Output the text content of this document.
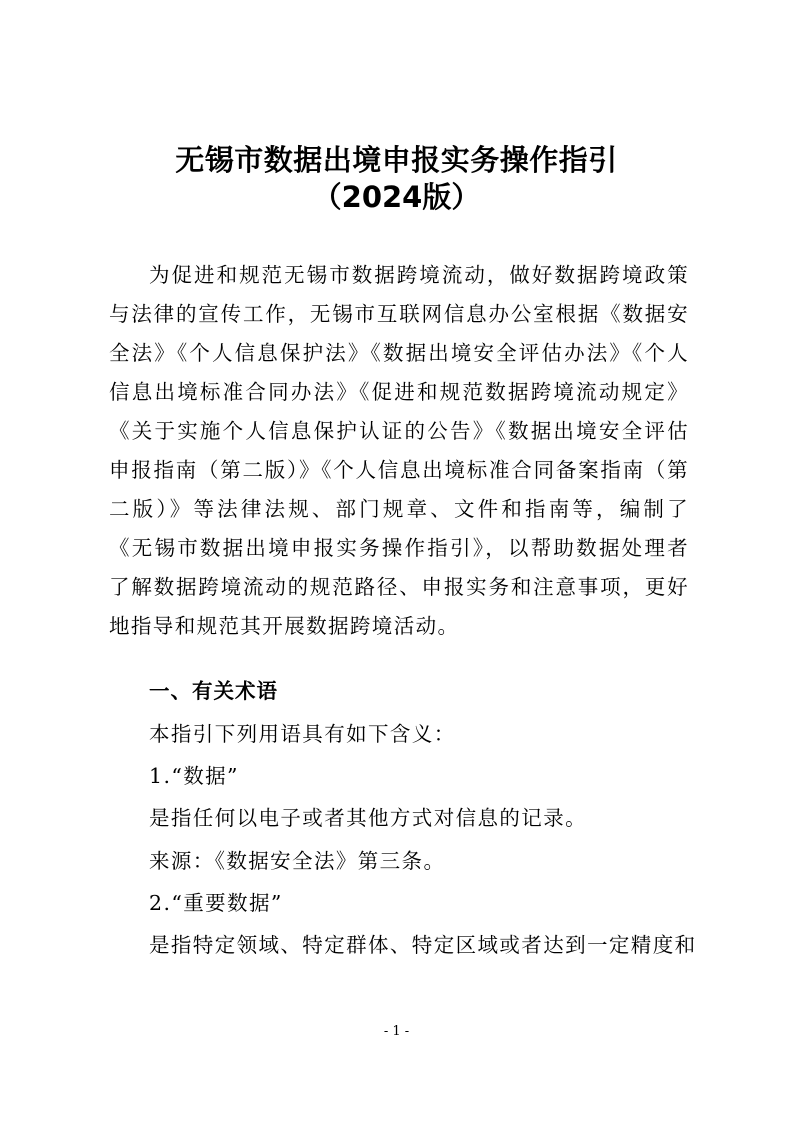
无锡市数据出境申报实务操作指引
（2024版）

为促进和规范无锡市数据跨境流动，做好数据跨境政策与法律的宣传工作，无锡市互联网信息办公室根据《数据安全法》《个人信息保护法》《数据出境安全评估办法》《个人信息出境标准合同办法》《促进和规范数据跨境流动规定》《关于实施个人信息保护认证的公告》《数据出境安全评估申报指南（第二版）》《个人信息出境标准合同备案指南（第二版）》等法律法规、部门规章、文件和指南等，编制了《无锡市数据出境申报实务操作指引》，以帮助数据处理者了解数据跨境流动的规范路径、申报实务和注意事项，更好地指导和规范其开展数据跨境活动。

一、有关术语

本指引下列用语具有如下含义：

1.“数据”

是指任何以电子或者其他方式对信息的记录。

来源：《数据安全法》第三条。

2.“重要数据”

是指特定领域、特定群体、特定区域或者达到一定精度和

- 1 -
